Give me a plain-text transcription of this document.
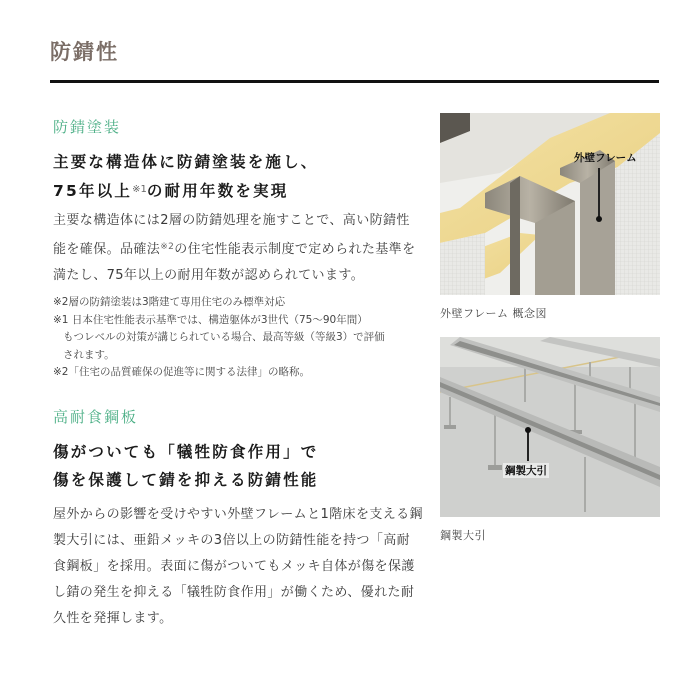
防錆性
防錆塗装

主要な構造体に防錆塗装を施し、
75年以上$^{※1}$の耐用年数を実現

主要な構造体には2層の防錆処理を施すことで、高い防錆性能を確保。品確法$^{※2}$の住宅性能表示制度で定められた基準を満たし、75年以上の耐用年数が認められています。

※2層の防錆塗装は3階建て専用住宅のみ標準対応
※1 日本住宅性能表示基準では、構造躯体が3世代（75〜90年間）
もつレベルの対策が講じられている場合、最高等級（等級3）で評価
されます。
※2「住宅の品質確保の促進等に関する法律」の略称。
高耐食鋼板

傷がついても「犠牲防食作用」で
傷を保護して錆を抑える防錆性能

屋外からの影響を受けやすい外壁フレームと1階床を支える鋼製大引には、亜鉛メッキの3倍以上の防錆性能を持つ「高耐食鋼板」を採用。表面に傷がついてもメッキ自体が傷を保護し錆の発生を抑える「犠牲防食作用」が働くため、優れた耐久性を発揮します。

外壁フレーム
外壁フレーム 概念図
鋼製大引
鋼製大引
